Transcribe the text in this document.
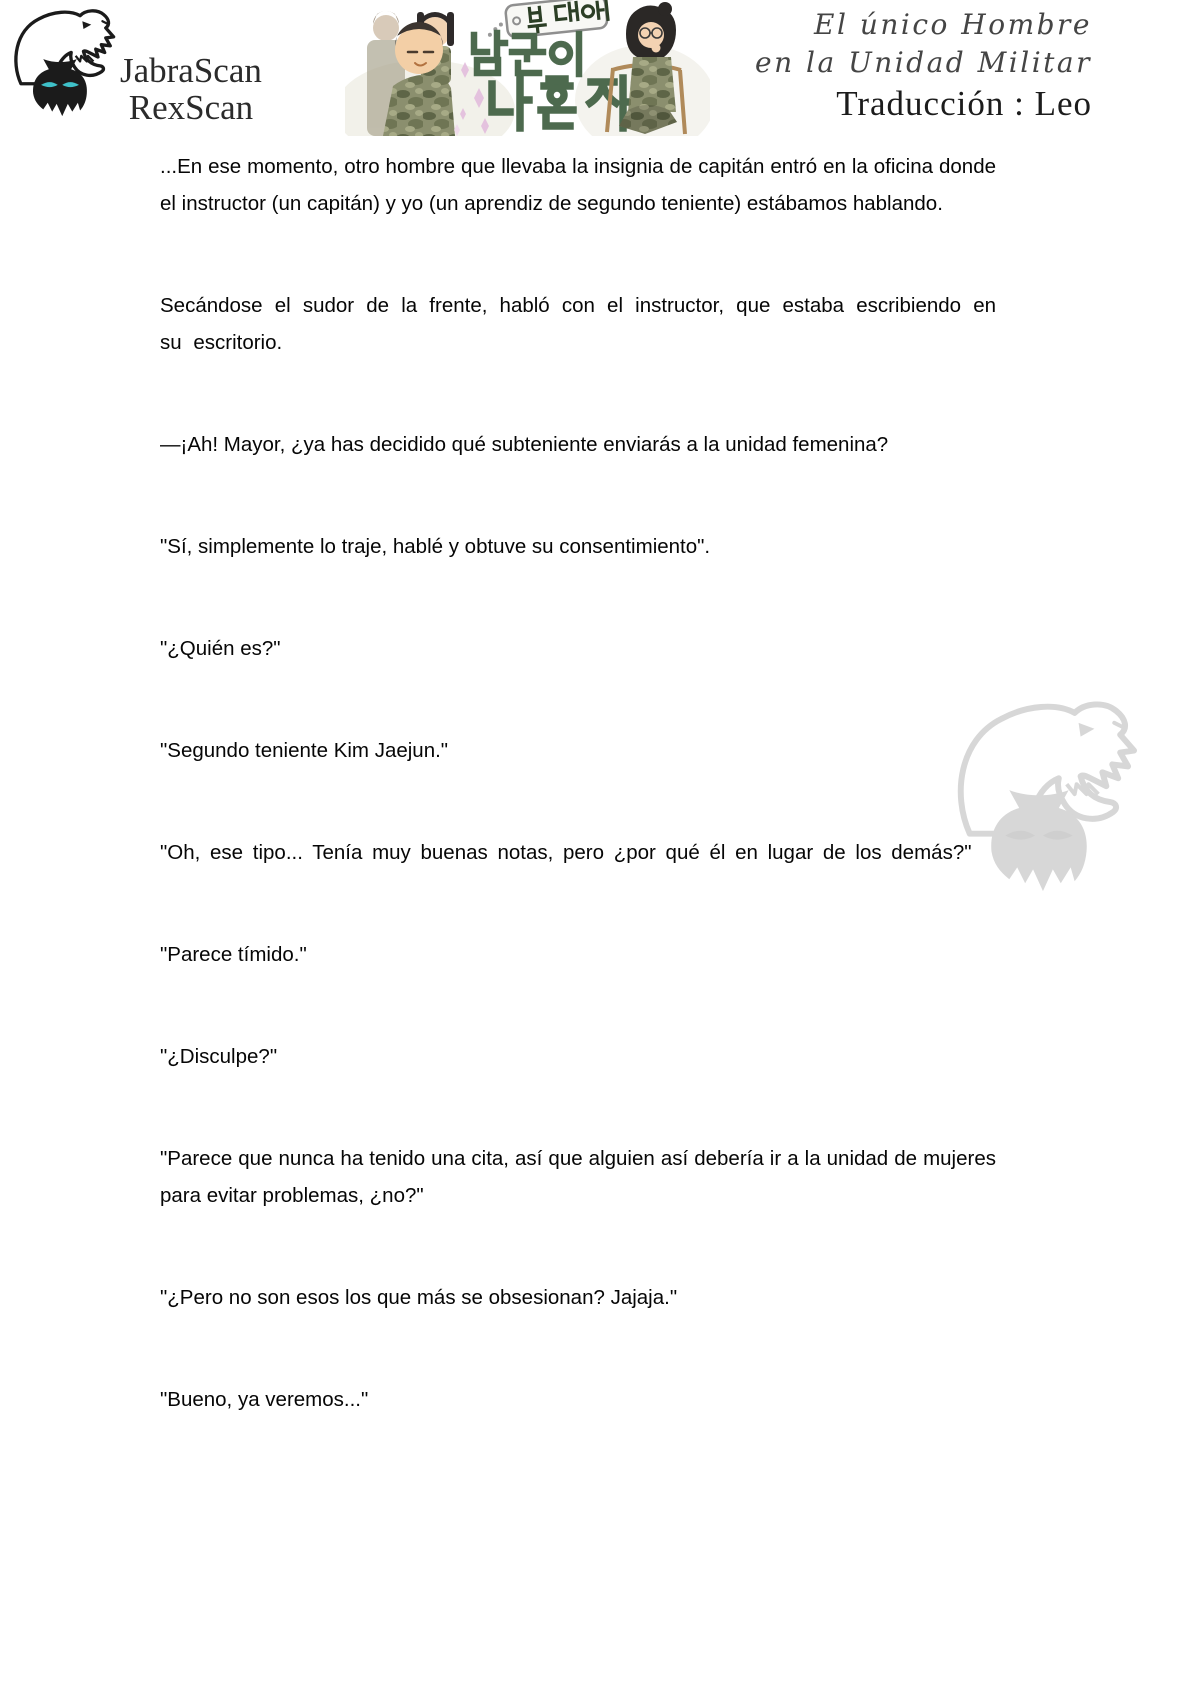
JabraScan
RexScan
El único Hombre
en la Unidad Militar
Traducción : Leo

...En ese momento, otro hombre que llevaba la insignia de capitán entró en la oficina donde el instructor (un capitán) y yo (un aprendiz de segundo teniente) estábamos hablando.

Secándose el sudor de la frente, habló con el instructor, que estaba escribiendo en su escritorio.

—¡Ah! Mayor, ¿ya has decidido qué subteniente enviarás a la unidad femenina?

"Sí, simplemente lo traje, hablé y obtuve su consentimiento".

"¿Quién es?"

"Segundo teniente Kim Jaejun."

"Oh, ese tipo... Tenía muy buenas notas, pero ¿por qué él en lugar de los demás?"

"Parece tímido."

"¿Disculpe?"

"Parece que nunca ha tenido una cita, así que alguien así debería ir a la unidad de mujeres para evitar problemas, ¿no?"

"¿Pero no son esos los que más se obsesionan? Jajaja."

"Bueno, ya veremos..."
